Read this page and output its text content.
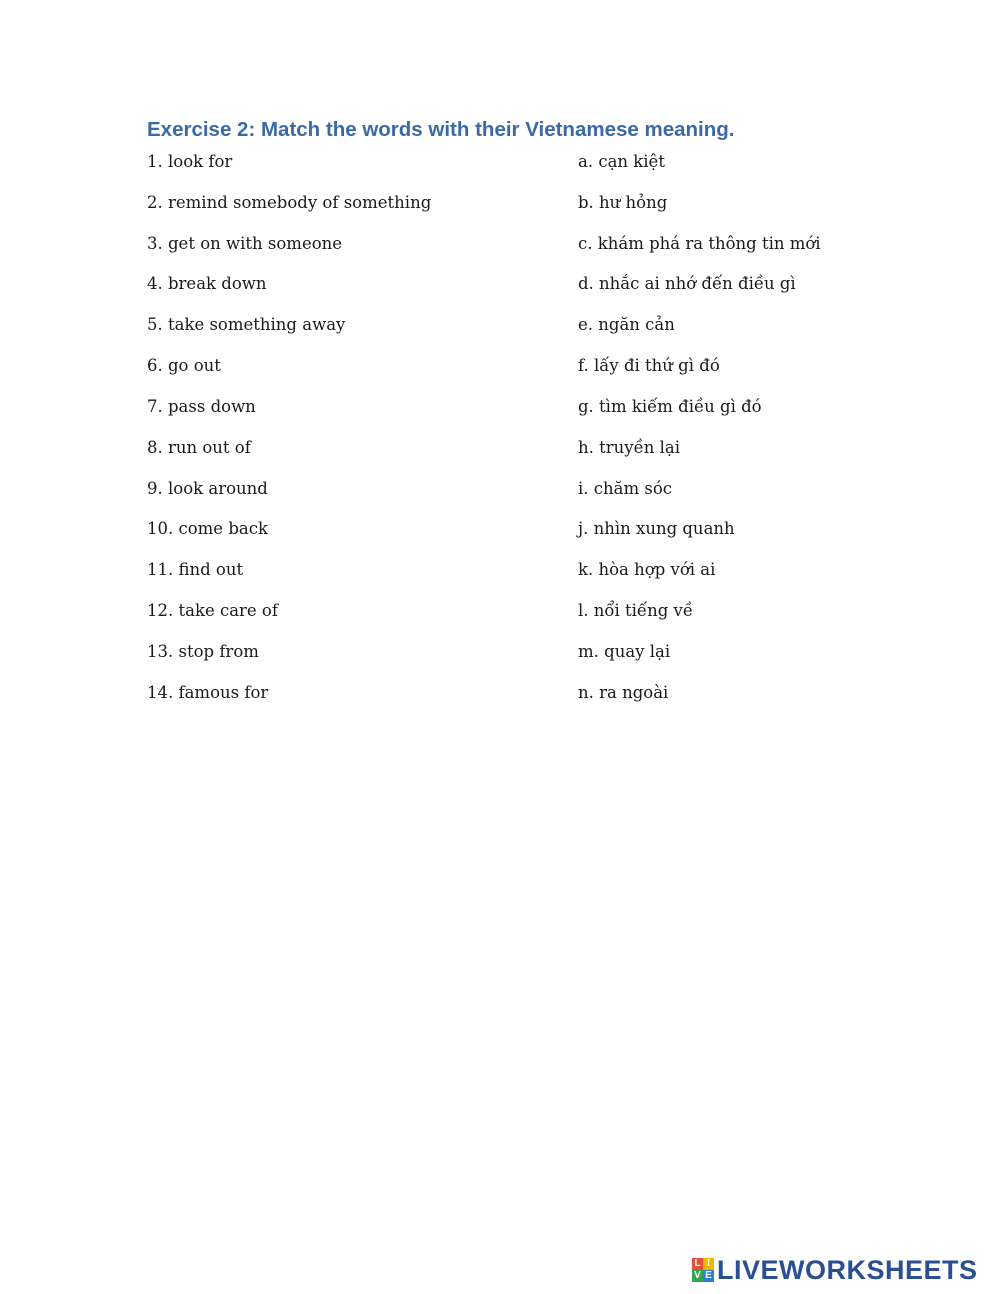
Exercise 2: Match the words with their Vietnamese meaning.
1. look for	a. cạn kiệt
2. remind somebody of something	b. hư hỏng
3. get on with someone	c. khám phá ra thông tin mới
4. break down	d. nhắc ai nhớ đến điều gì
5. take something away	e. ngăn cản
6. go out	f. lấy đi thứ gì đó
7. pass down	g. tìm kiếm điều gì đó
8. run out of	h. truyền lại
9. look around	i. chăm sóc
10. come back	j. nhìn xung quanh
11. find out	k. hòa hợp với ai
12. take care of	l. nổi tiếng về
13. stop from	m. quay lại
14. famous for	n. ra ngoài
L I
V E LIVEWORKSHEETS
